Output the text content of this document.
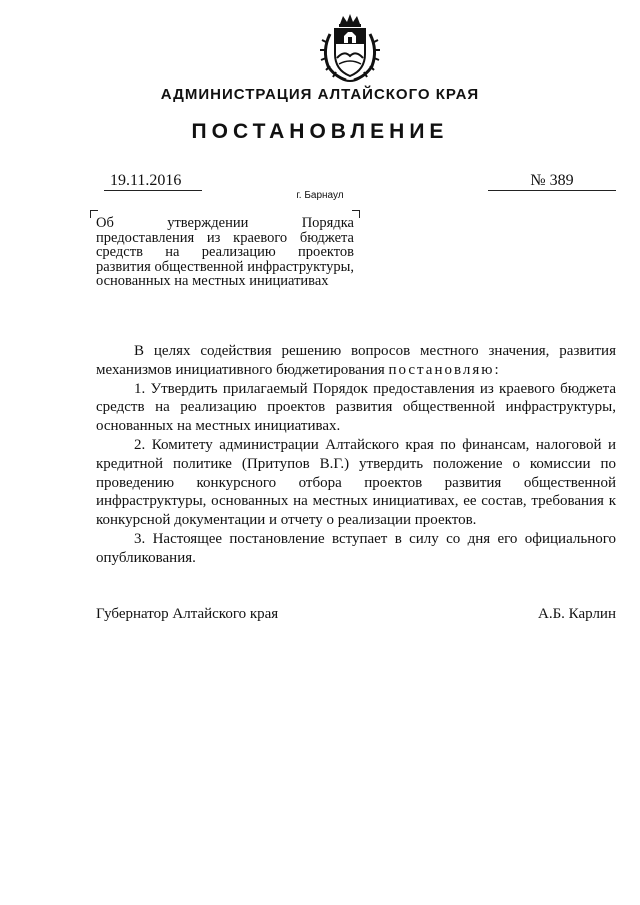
АДМИНИСТРАЦИЯ АЛТАЙСКОГО КРАЯ
ПОСТАНОВЛЕНИЕ
19.11.2016	№ 389
г. Барнаул
Об утверждении Порядка предоставления из краевого бюджета средств на реализацию проектов развития общественной инфраструктуры, основанных на местных инициативах

В целях содействия решению вопросов местного значения, развития механизмов инициативного бюджетирования постановляю:

1. Утвердить прилагаемый Порядок предоставления из краевого бюджета средств на реализацию проектов развития общественной инфраструктуры, основанных на местных инициативах.

2. Комитету администрации Алтайского края по финансам, налоговой и кредитной политике (Притупов В.Г.) утвердить положение о комиссии по проведению конкурсного отбора проектов развития общественной инфраструктуры, основанных на местных инициативах, ее состав, требования к конкурсной документации и отчету о реализации проектов.

3. Настоящее постановление вступает в силу со дня его официального опубликования.

Губернатор Алтайского края	А.Б. Карлин
